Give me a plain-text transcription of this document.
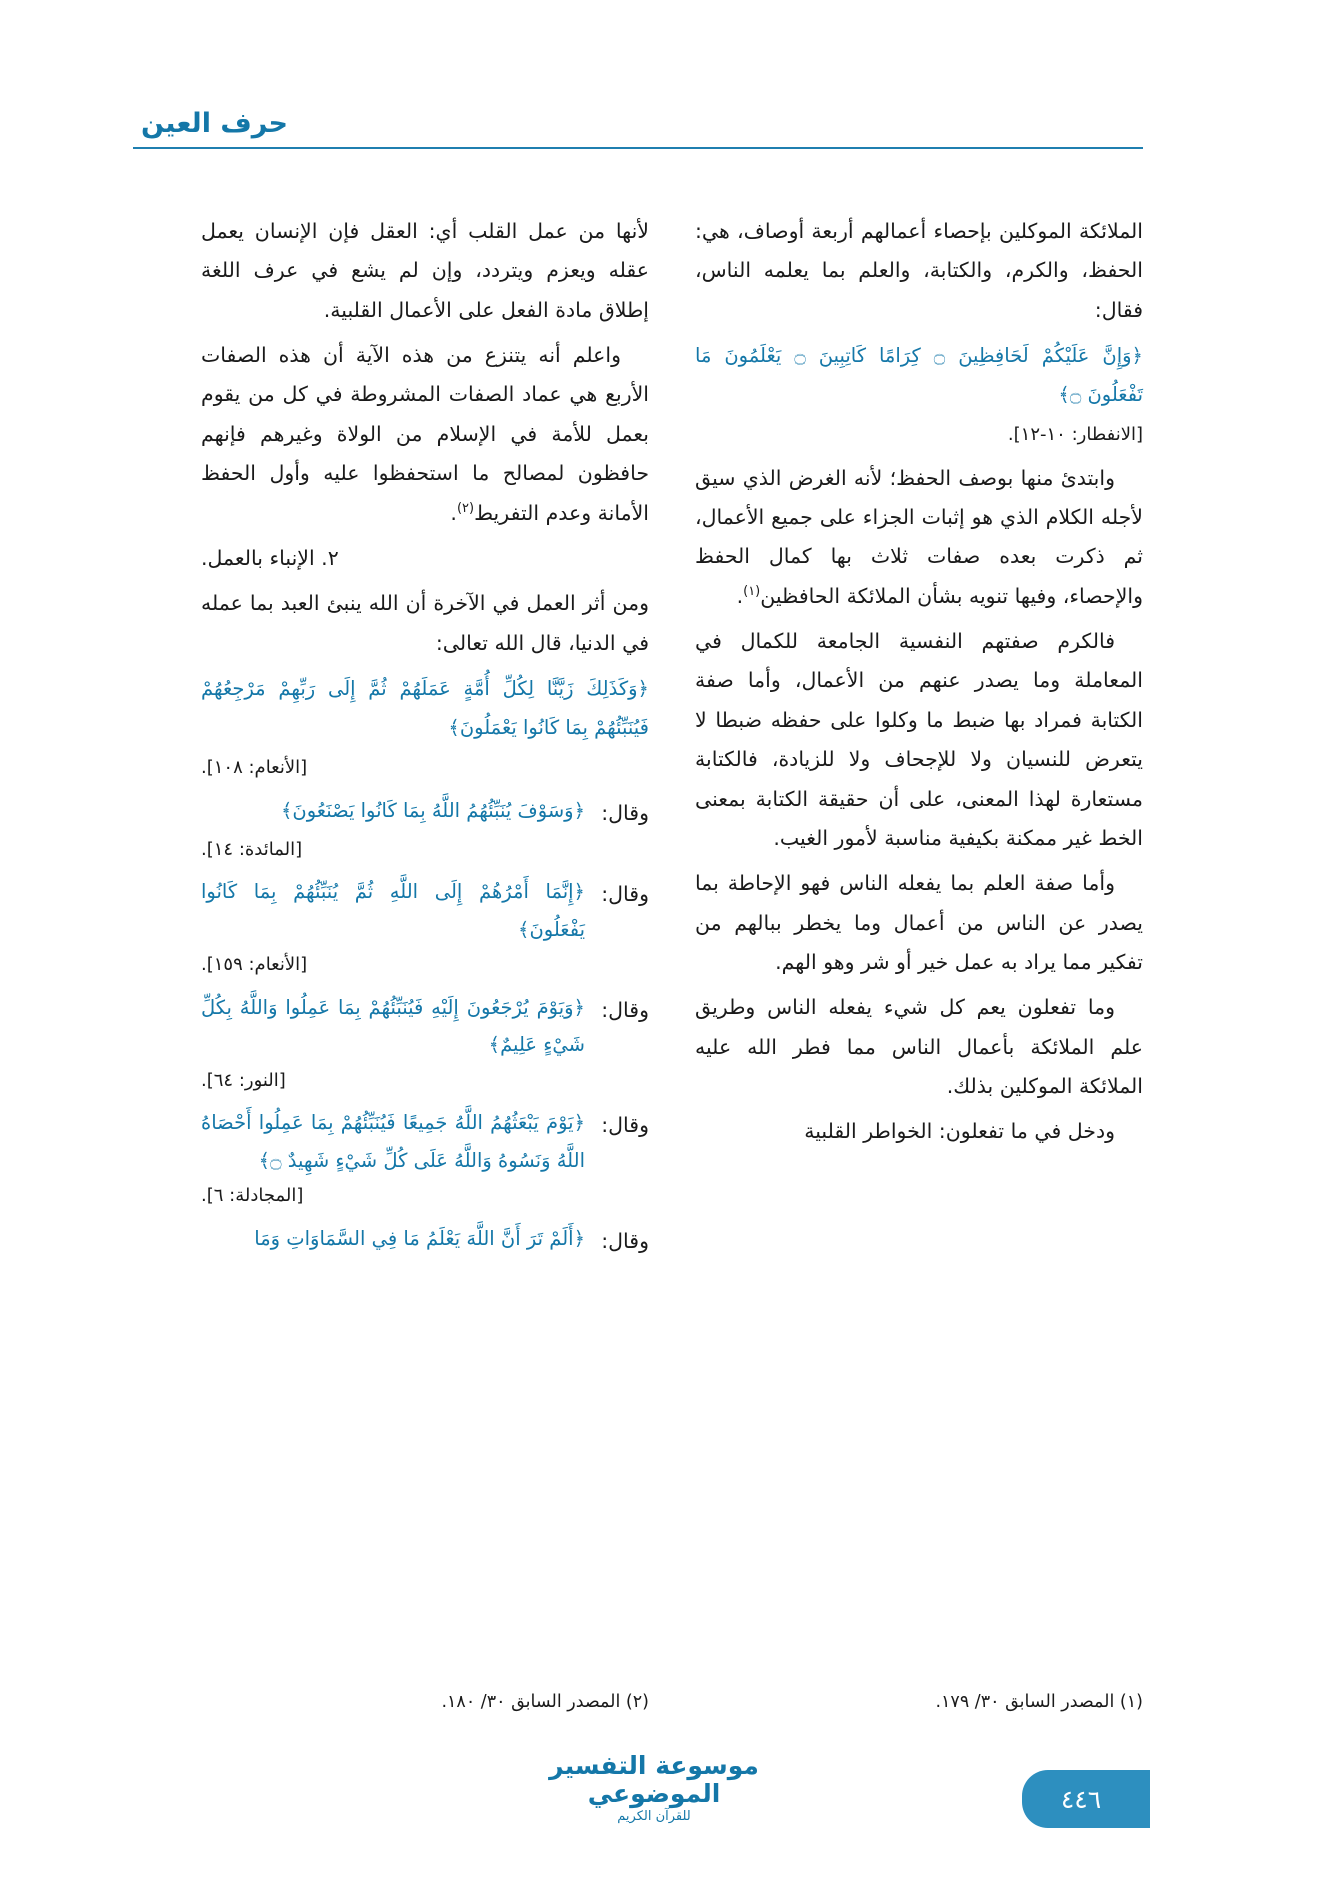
حرف العين

الملائكة الموكلين بإحصاء أعمالهم أربعة أوصاف، هي: الحفظ، والكرم، والكتابة، والعلم بما يعلمه الناس، فقال:

﴿وَإِنَّ عَلَيْكُمْ لَحَافِظِينَ ۝ كِرَامًا كَاتِبِينَ ۝ يَعْلَمُونَ مَا تَفْعَلُونَ ۝﴾

[الانفطار: ١٠-١٢].

وابتدئ منها بوصف الحفظ؛ لأنه الغرض الذي سيق لأجله الكلام الذي هو إثبات الجزاء على جميع الأعمال، ثم ذكرت بعده صفات ثلاث بها كمال الحفظ والإحصاء، وفيها تنويه بشأن الملائكة الحافظين$^{(١)}$.

فالكرم صفتهم النفسية الجامعة للكمال في المعاملة وما يصدر عنهم من الأعمال، وأما صفة الكتابة فمراد بها ضبط ما وكلوا على حفظه ضبطا لا يتعرض للنسيان ولا للإجحاف ولا للزيادة، فالكتابة مستعارة لهذا المعنى، على أن حقيقة الكتابة بمعنى الخط غير ممكنة بكيفية مناسبة لأمور الغيب.

وأما صفة العلم بما يفعله الناس فهو الإحاطة بما يصدر عن الناس من أعمال وما يخطر ببالهم من تفكير مما يراد به عمل خير أو شر وهو الهم.

وما تفعلون يعم كل شيء يفعله الناس وطريق علم الملائكة بأعمال الناس مما فطر الله عليه الملائكة الموكلين بذلك.

ودخل في ما تفعلون: الخواطر القلبية

لأنها من عمل القلب أي: العقل فإن الإنسان يعمل عقله ويعزم ويتردد، وإن لم يشع في عرف اللغة إطلاق مادة الفعل على الأعمال القلبية.

واعلم أنه يتنزع من هذه الآية أن هذه الصفات الأربع هي عماد الصفات المشروطة في كل من يقوم بعمل للأمة في الإسلام من الولاة وغيرهم فإنهم حافظون لمصالح ما استحفظوا عليه وأول الحفظ الأمانة وعدم التفريط$^{(٢)}$.

٢. الإنباء بالعمل.

ومن أثر العمل في الآخرة أن الله ينبئ العبد بما عمله في الدنيا، قال الله تعالى:

﴿وَكَذَلِكَ زَيَّنَّا لِكُلِّ أُمَّةٍ عَمَلَهُمْ ثُمَّ إِلَى رَبِّهِمْ مَرْجِعُهُمْ فَيُنَبِّئُهُمْ بِمَا كَانُوا يَعْمَلُونَ﴾

[الأنعام: ١٠٨].

وقال:
﴿وَسَوْفَ يُنَبِّئُهُمُ اللَّهُ بِمَا كَانُوا يَصْنَعُونَ﴾

[المائدة: ١٤].

وقال:
﴿إِنَّمَا أَمْرُهُمْ إِلَى اللَّهِ ثُمَّ يُنَبِّئُهُمْ بِمَا كَانُوا يَفْعَلُونَ﴾

[الأنعام: ١٥٩].

وقال:
﴿وَيَوْمَ يُرْجَعُونَ إِلَيْهِ فَيُنَبِّئُهُمْ بِمَا عَمِلُوا وَاللَّهُ بِكُلِّ شَيْءٍ عَلِيمٌ﴾

[النور: ٦٤].

وقال:
﴿يَوْمَ يَبْعَثُهُمُ اللَّهُ جَمِيعًا فَيُنَبِّئُهُمْ بِمَا عَمِلُوا أَحْصَاهُ اللَّهُ وَنَسُوهُ وَاللَّهُ عَلَى كُلِّ شَيْءٍ شَهِيدٌ ۝﴾

[المجادلة: ٦].

وقال:
﴿أَلَمْ تَرَ أَنَّ اللَّهَ يَعْلَمُ مَا فِي السَّمَاوَاتِ وَمَا
(١) المصدر السابق ٣٠/ ١٧٩.
(٢) المصدر السابق ٣٠/ ١٨٠.
موسوعة التفسير الموضوعي
للقرآن الكريم
٤٤٦
